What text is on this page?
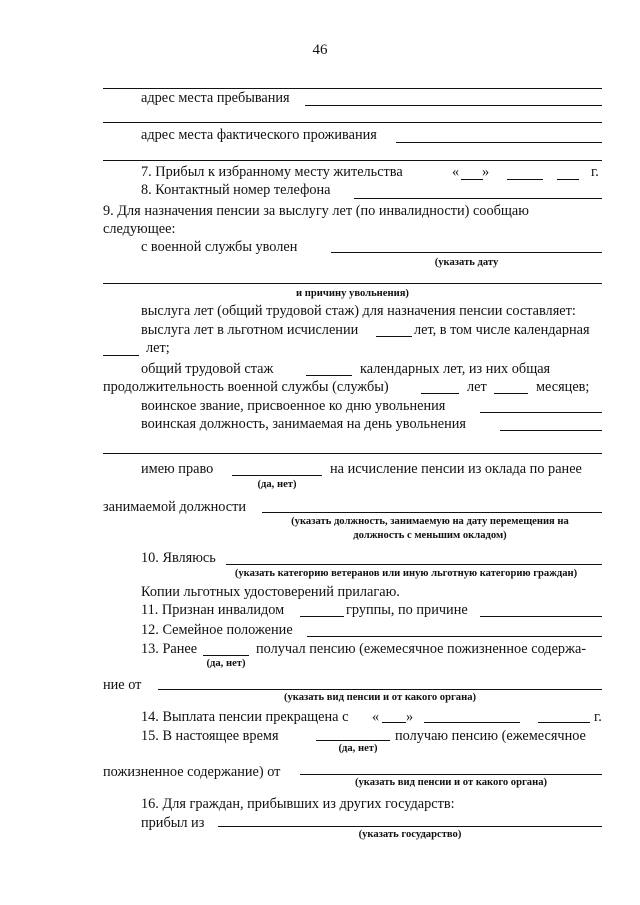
46
адрес места пребывания
адрес места фактического проживания
7. Прибыл к избранному месту жительства	« »	г.
8. Контактный номер телефона
9. Для назначения пенсии за выслугу лет (по инвалидности) сообщаю
следующее:
с военной службы уволен
(указать дату
и причину увольнения)
выслуга лет (общий трудовой стаж) для назначения пенсии составляет:
выслуга лет в льготном исчислении	лет, в том числе календарная
лет;
общий трудовой стаж	календарных лет, из них общая
продолжительность военной службы (службы)	лет	месяцев;
воинское звание, присвоенное ко дню увольнения
воинская должность, занимаемая на день увольнения
имею право
(да, нет)
на исчисление пенсии из оклада по ранее
занимаемой должности
(указать должность, занимаемую на дату перемещения на
должность с меньшим окладом)
10. Являюсь
(указать категорию ветеранов или иную льготную категорию граждан)
Копии льготных удостоверений прилагаю.
11. Признан инвалидом	группы, по причине
12. Семейное положение
13. Ранее
(да, нет)
получал пенсию (ежемесячное пожизненное содержа-
ние от
(указать вид пенсии и от какого органа)
14. Выплата пенсии прекращена с « »	г.
15. В настоящее время
(да, нет)
получаю пенсию (ежемесячное
пожизненное содержание) от
(указать вид пенсии и от какого органа)
16. Для граждан, прибывших из других государств:
прибыл из
(указать государство)
